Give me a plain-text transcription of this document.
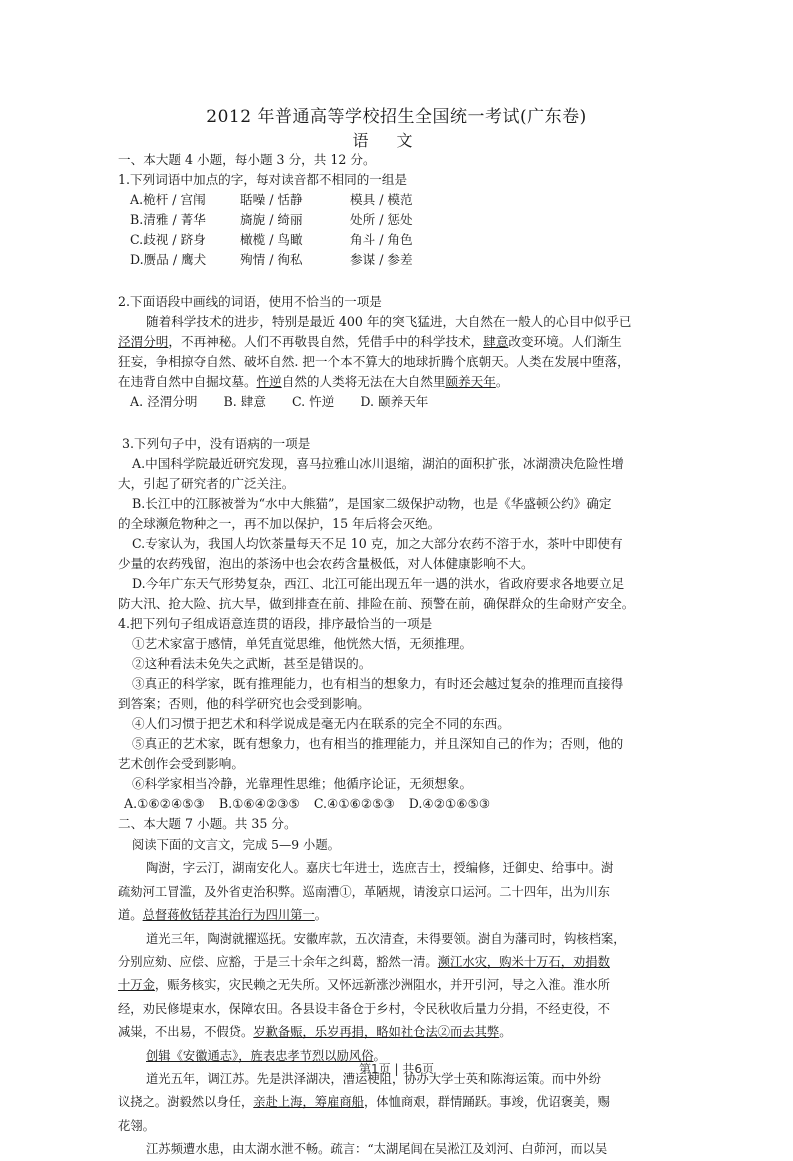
2012 年普通高等学校招生全国统一考试(广东卷)
语文
一、本大题 4 小题，每小题 3 分，共 12 分。
1.下列词语中加点的字，每对读音都不相同的一组是
A.桅杆 / 宫闱	聒噪 / 恬静	模具 / 模范
B.清雅 / 菁华	旖旎 / 绮丽	处所 / 惩处
C.歧视 / 跻身	橄榄 / 鸟瞰	角斗 / 角色
D.赝品 / 鹰犬	殉情 / 徇私	参谋 / 参差
2.下面语段中画线的词语，使用不恰当的一项是
随着科学技术的进步，特别是最近 400 年的突飞猛进，大自然在一般人的心目中似乎已
泾渭分明，不再神秘。人们不再敬畏自然，凭借手中的科学技术，肆意改变环境。人们渐生
狂妄，争相掠夺自然、破坏自然. 把一个本不算大的地球折腾个底朝天。人类在发展中堕落，
在违背自然中自掘坟墓。忤逆自然的人类将无法在大自然里颐养天年。
A. 泾渭分明 B. 肆意 C. 忤逆 D. 颐养天年
3.下列句子中，没有语病的一项是
A.中国科学院最近研究发现，喜马拉雅山冰川退缩，湖泊的面积扩张，冰湖溃决危险性增
大，引起了研究者的广泛关注。
B.长江中的江豚被誉为“水中大熊猫”，是国家二级保护动物，也是《华盛顿公约》确定
的全球濒危物种之一，再不加以保护，15 年后将会灭绝。
C.专家认为，我国人均饮茶量每天不足 10 克，加之大部分农药不溶于水，茶叶中即使有
少量的农药残留，泡出的茶汤中也会农药含量极低，对人体健康影响不大。
D.今年广东天气形势复杂，西江、北江可能出现五年一遇的洪水，省政府要求各地要立足
防大汛、抢大险、抗大旱，做到排查在前、排险在前、预警在前，确保群众的生命财产安全。
4.把下列句子组成语意连贯的语段，排序最恰当的一项是
①艺术家富于感情，单凭直觉思维，他恍然大悟，无须推理。
②这种看法未免失之武断，甚至是错误的。
③真正的科学家，既有推理能力，也有相当的想象力，有时还会越过复杂的推理而直接得
到答案；否则，他的科学研究也会受到影响。
④人们习惯于把艺术和科学说成是毫无内在联系的完全不同的东西。
⑤真正的艺术家，既有想象力，也有相当的推理能力，并且深知自己的作为；否则，他的
艺术创作会受到影响。
⑥科学家相当冷静，光靠理性思维；他循序论证，无须想象。
A.①⑥②④⑤③ B.①⑥④②③⑤ C.④①⑥②⑤③ D.④②①⑥⑤③
二、本大题 7 小题。共 35 分。
阅读下面的文言文，完成 5—9 小题。
陶澍，字云汀，湖南安化人。嘉庆七年进士，选庶吉士，授编修，迁御史、给事中。澍
疏劾河工冒滥，及外省吏治积弊。巡南漕①，革陋规，请浚京口运河。二十四年，出为川东
道。总督蒋攸铦荐其治行为四川第一。
道光三年，陶澍就擢巡抚。安徽库款，五次清查，未得要领。澍自为藩司时，钩核档案，
分别应劾、应偿、应豁，于是三十余年之纠葛，豁然一清。濒江水灾，购米十万石，劝捐数
十万金，赈务核实，灾民赖之无失所。又怀远新涨沙洲阻水，并开引河，导之入淮。淮水所
经，劝民修堤束水，保障农田。各县设丰备仓于乡村，令民秋收后量力分捐，不经吏役，不
减粜，不出易，不假贷。岁歉备赈，乐岁再捐，略如社仓法②而去其弊。
创辑《安徽通志》，旌表忠孝节烈以励风俗。
道光五年，调江苏。先是洪泽湖决，漕运梗阻，协办大学士英和陈海运策。而中外纷
议挠之。澍毅然以身任，亲赴上海，筹雇商船，体恤商艰，群情踊跃。事竣，优诏褒美，赐
花翎。
江苏频遭水患，由太湖水泄不畅。疏言：“太湖尾闾在吴淞江及刘河、白茆河，而以吴
第1页 | 共6页
